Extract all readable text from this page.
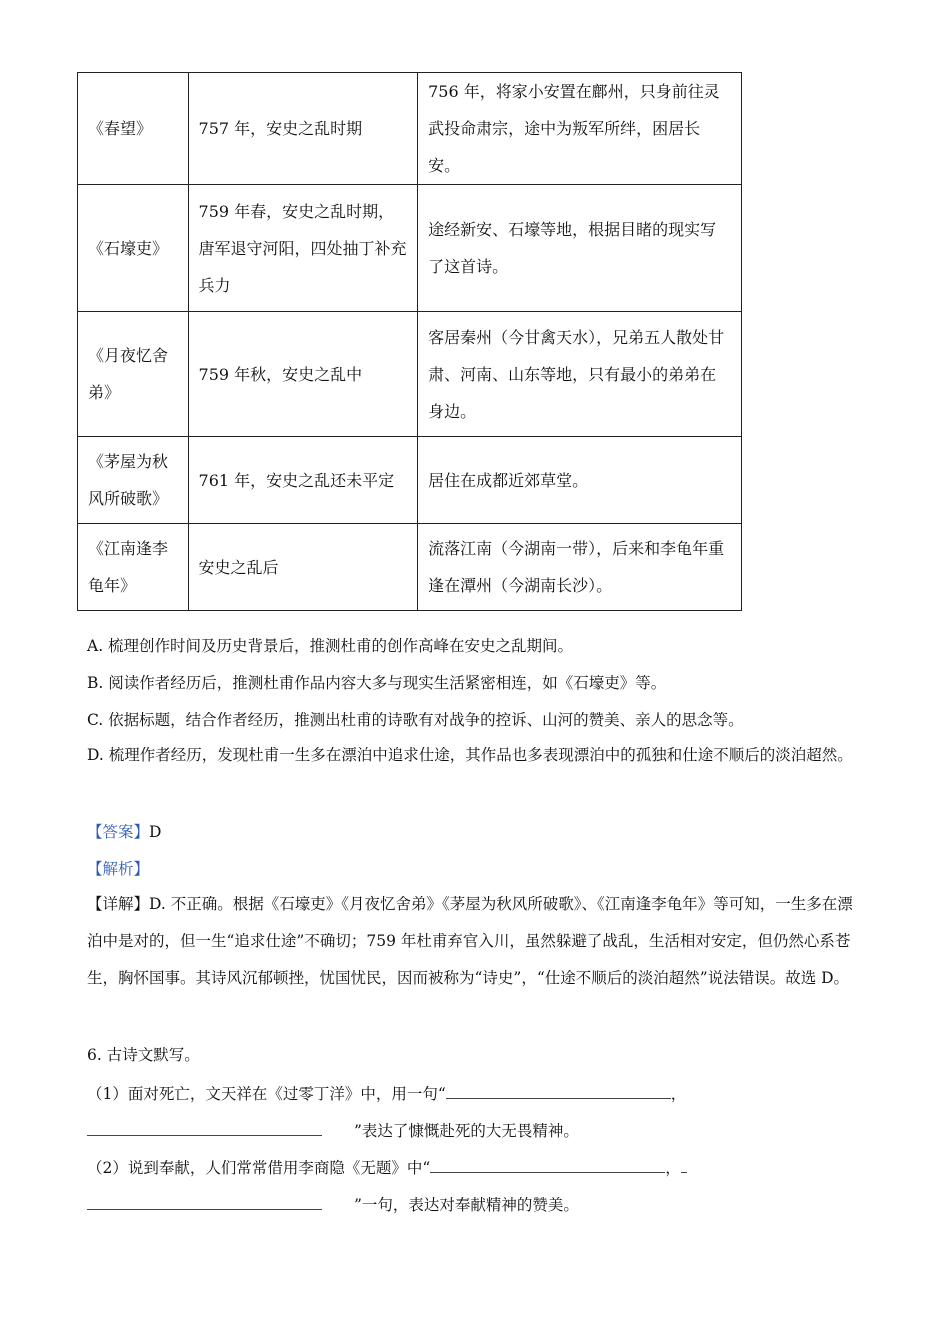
《春望》	757 年，安史之乱时期	756 年，将家小安置在鄜州，只身前往灵武投命肃宗，途中为叛军所绊，困居长安。
《石壕吏》	759 年春，安史之乱时期，唐军退守河阳，四处抽丁补充兵力	途经新安、石壕等地，根据目睹的现实写了这首诗。
《月夜忆舍弟》	759 年秋，安史之乱中	客居秦州（今甘禽天水），兄弟五人散处甘肃、河南、山东等地，只有最小的弟弟在身边。
《茅屋为秋风所破歌》	761 年，安史之乱还未平定	居住在成都近郊草堂。
《江南逢李龟年》	安史之乱后	流落江南（今湖南一带），后来和李龟年重逢在潭州（今湖南长沙）。
A. 梳理创作时间及历史背景后，推测杜甫的创作高峰在安史之乱期间。
B. 阅读作者经历后，推测杜甫作品内容大多与现实生活紧密相连，如《石壕吏》等。
C. 依据标题，结合作者经历，推测出杜甫的诗歌有对战争的控诉、山河的赞美、亲人的思念等。
D. 梳理作者经历，发现杜甫一生多在漂泊中追求仕途，其作品也多表现漂泊中的孤独和仕途不顺后的淡泊超然。
【答案】D
【解析】
【详解】D. 不正确。根据《石壕吏》《月夜忆舍弟》《茅屋为秋风所破歌》、《江南逢李龟年》等可知，一生多在漂泊中是对的，但一生“追求仕途”不确切；759 年杜甫弃官入川，虽然躲避了战乱，生活相对安定，但仍然心系苍生，胸怀国事。其诗风沉郁顿挫，忧国忧民，因而被称为“诗史”，“仕途不顺后的淡泊超然”说法错误。故选 D。
6. 古诗文默写。
（1）面对死亡，文天祥在《过零丁洋》中，用一句“	，
”表达了慷慨赴死的大无畏精神。
（2）说到奉献，人们常常借用李商隐《无题》中“	，
”一句，表达对奉献精神的赞美。
